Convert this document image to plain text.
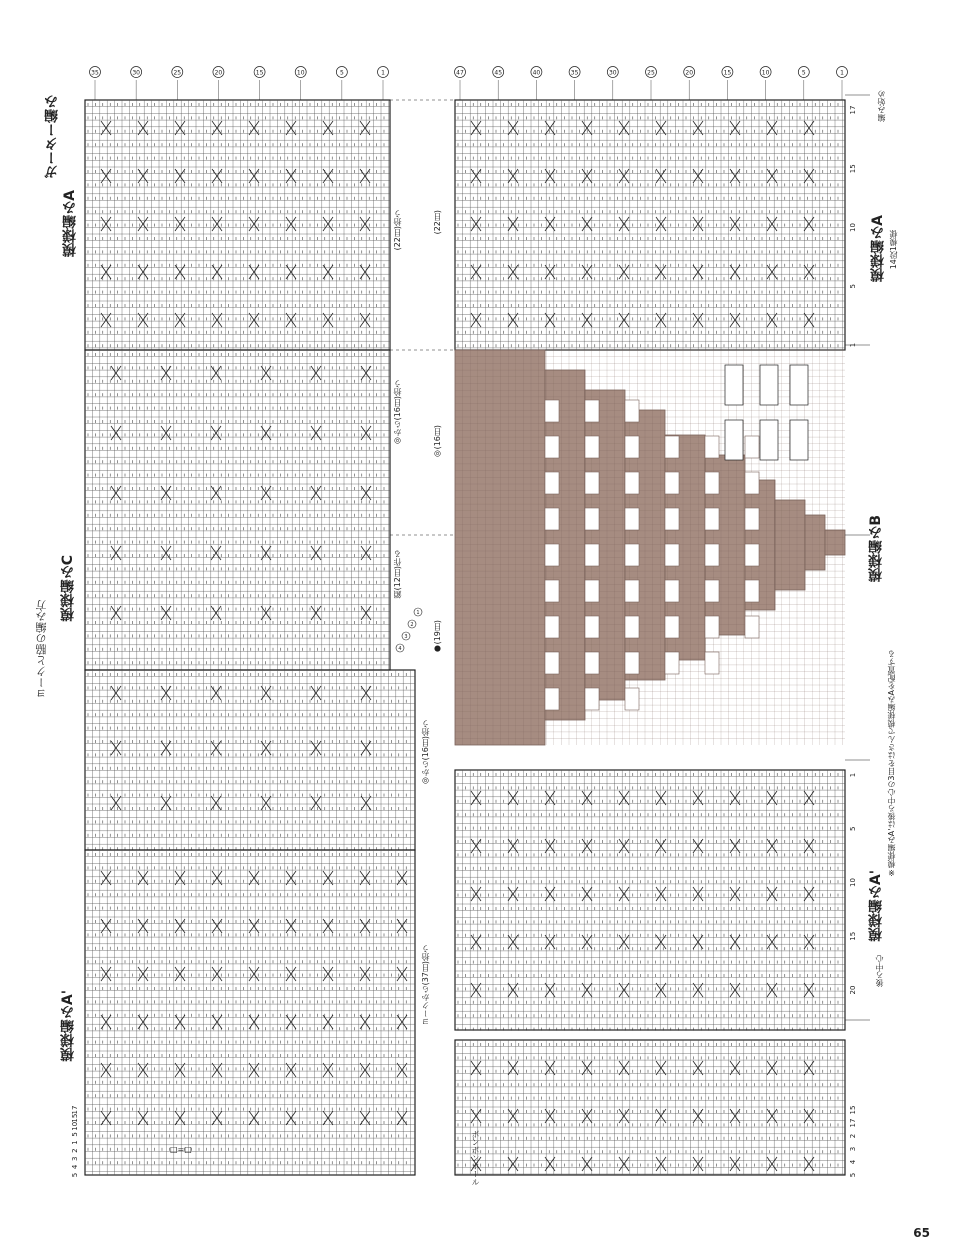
35	30	25	20	15	10	5	1	47	45	40	35	30	25	20	15	10	5	1
1
5
10
15
17
1
5
10
15
20
5
4
3
2
17
15
5
4
3
2
1
5
10
15
17
1
2
3
4
ガーター編み
模様編みA
ヨークと脇の編み方
模様編みC
模様編みA'
(22目)拾う
◎から(16目)拾う
鎖(12目)作る
◎から(16目)拾う
ヨークから(37目)拾う
(22目)
◎(16目)
●(19目)
模様編みA 14段1模様
編み始め
模様編みB
模様編みA'
※模様編みA'は後ろ中心の3目をはさんで模様編みAを配置する
後ろ中心
ボンボンホール
□=□
65
